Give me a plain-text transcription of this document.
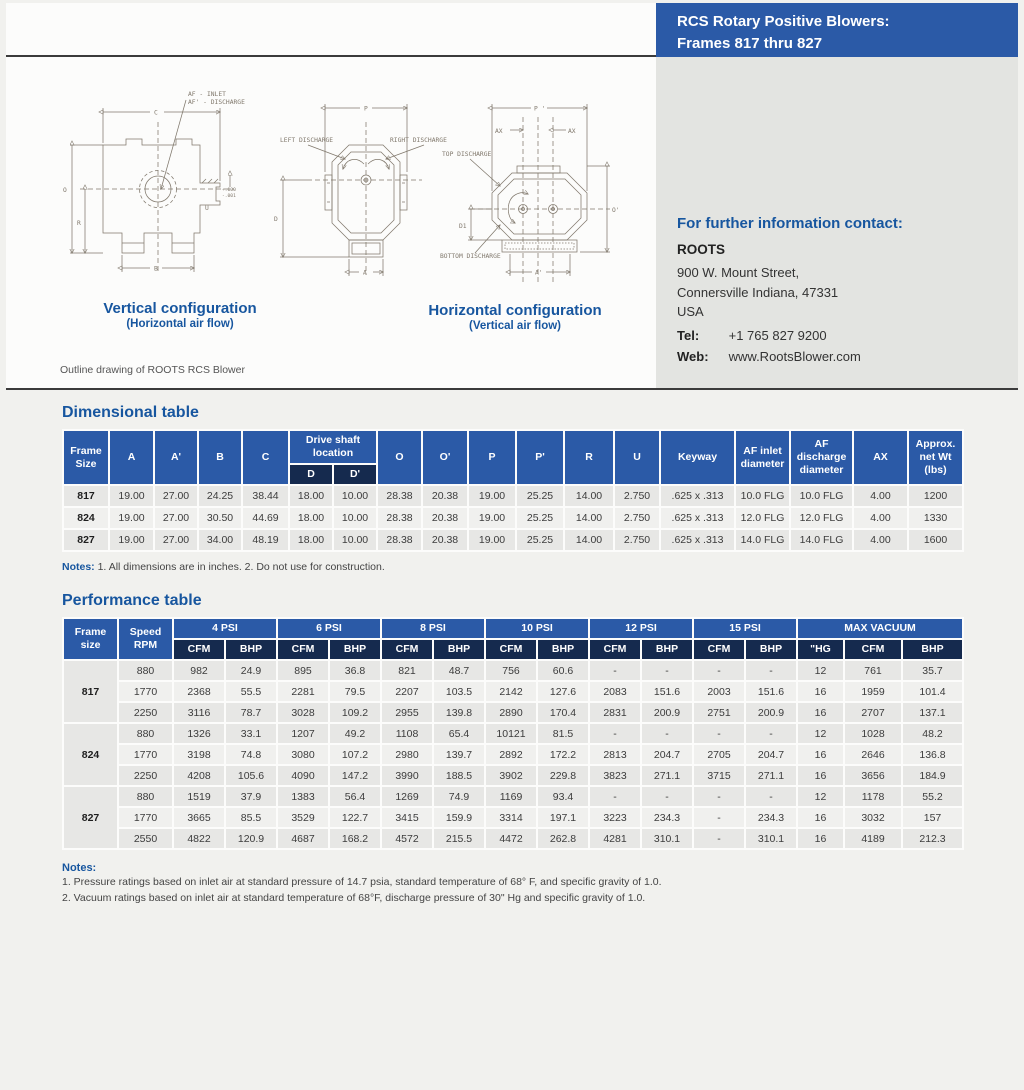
RCS Rotary Positive Blowers:
Frames 817 thru 827
For further information contact:
ROOTS
900 W. Mount Street,
Connersville Indiana, 47331
USA
Tel: +1 765 827 9200
Web: www.RootsBlower.com
AF - INLET
AF' - DISCHARGE
C
O
R
B
U
+.000
-.001
P
LEFT DISCHARGE	RIGHT DISCHARGE
D
A
P '
AX	AX
TOP DISCHARGE
BOTTOM DISCHARGE
O'
D1
A'
Vertical configuration
(Horizontal air flow)
Horizontal configuration
(Vertical air flow)
Outline drawing of ROOTS RCS Blower
Dimensional table
Frame Size	A	A'	B	C	Drive shaft location		O	O'	P	P'	R	U	Keyway	AF inlet diameter	AF discharge diameter	AX	Approx. net Wt (lbs)
					D	D'											
817	19.00	27.00	24.25	38.44	18.00	10.00	28.38	20.38	19.00	25.25	14.00	2.750	.625 x .313	10.0 FLG	10.0 FLG	4.00	1200
824	19.00	27.00	30.50	44.69	18.00	10.00	28.38	20.38	19.00	25.25	14.00	2.750	.625 x .313	12.0 FLG	12.0 FLG	4.00	1330
827	19.00	27.00	34.00	48.19	18.00	10.00	28.38	20.38	19.00	25.25	14.00	2.750	.625 x .313	14.0 FLG	14.0 FLG	4.00	1600
Notes: 1. All dimensions are in inches. 2. Do not use for construction.
Performance table
Frame size	Speed RPM	4 PSI		6 PSI		8 PSI		10 PSI		12 PSI		15 PSI		MAX VACUUM		
		CFM	BHP	CFM	BHP	CFM	BHP	CFM	BHP	CFM	BHP	CFM	BHP	"HG	CFM	BHP
817	880	982	24.9	895	36.8	821	48.7	756	60.6	-	-	-	-	12	761	35.7
	1770	2368	55.5	2281	79.5	2207	103.5	2142	127.6	2083	151.6	2003	151.6	16	1959	101.4
	2250	3116	78.7	3028	109.2	2955	139.8	2890	170.4	2831	200.9	2751	200.9	16	2707	137.1
824	880	1326	33.1	1207	49.2	1108	65.4	10121	81.5	-	-	-	-	12	1028	48.2
	1770	3198	74.8	3080	107.2	2980	139.7	2892	172.2	2813	204.7	2705	204.7	16	2646	136.8
	2250	4208	105.6	4090	147.2	3990	188.5	3902	229.8	3823	271.1	3715	271.1	16	3656	184.9
827	880	1519	37.9	1383	56.4	1269	74.9	1169	93.4	-	-	-	-	12	1178	55.2
	1770	3665	85.5	3529	122.7	3415	159.9	3314	197.1	3223	234.3	-	234.3	16	3032	157
	2550	4822	120.9	4687	168.2	4572	215.5	4472	262.8	4281	310.1	-	310.1	16	4189	212.3
Notes:
1. Pressure ratings based on inlet air at standard pressure of 14.7 psia, standard temperature of 68° F, and specific gravity of 1.0.
2. Vacuum ratings based on inlet air at standard temperature of 68°F, discharge pressure of 30" Hg and specific gravity of 1.0.
